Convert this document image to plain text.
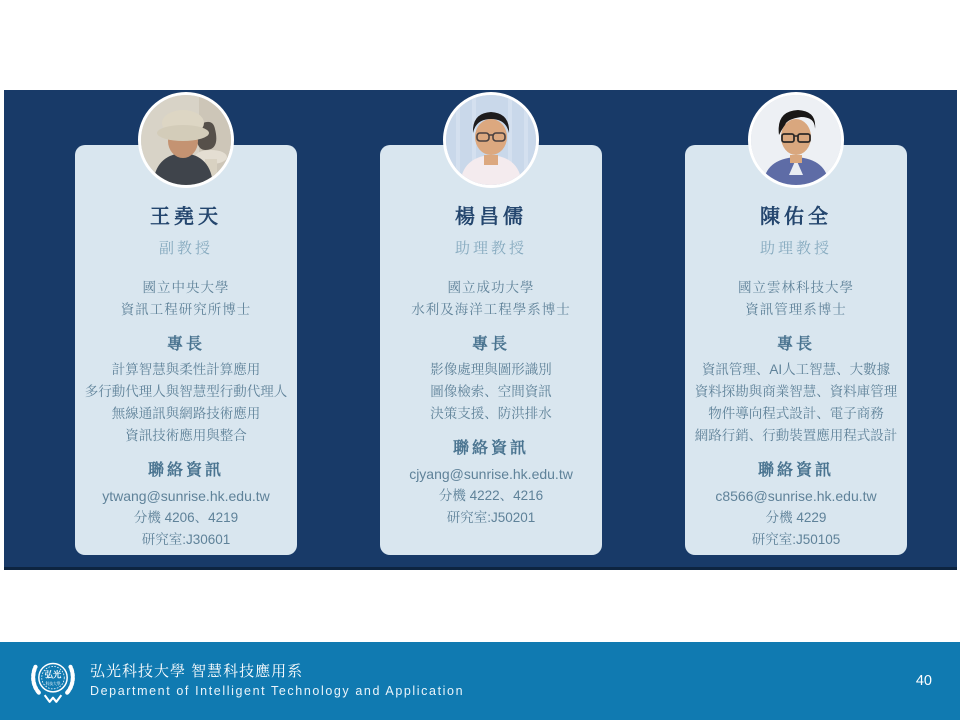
王堯天
副教授
國立中央大學
資訊工程研究所博士
專長
計算智慧與柔性計算應用
多行動代理人與智慧型行動代理人
無線通訊與網路技術應用
資訊技術應用與整合
聯絡資訊
ytwang@sunrise.hk.edu.tw
分機 4206、4219
研究室:J30601
楊昌儒
助理教授
國立成功大學
水利及海洋工程學系博士
專長
影像處理與圖形識別
圖像檢索、空間資訊
決策支援、防洪排水
聯絡資訊
cjyang@sunrise.hk.edu.tw
分機 4222、4216
研究室:J50201
陳佑全
助理教授
國立雲林科技大學
資訊管理系博士
專長
資訊管理、AI人工智慧、大數據
資料探勘與商業智慧、資料庫管理
物件導向程式設計、電子商務
網路行銷、行動裝置應用程式設計
聯絡資訊
c8566@sunrise.hk.edu.tw
分機 4229
研究室:J50105
弘光
科技大學
弘光科技大學 智慧科技應用系
Department of Intelligent Technology and Application
40
